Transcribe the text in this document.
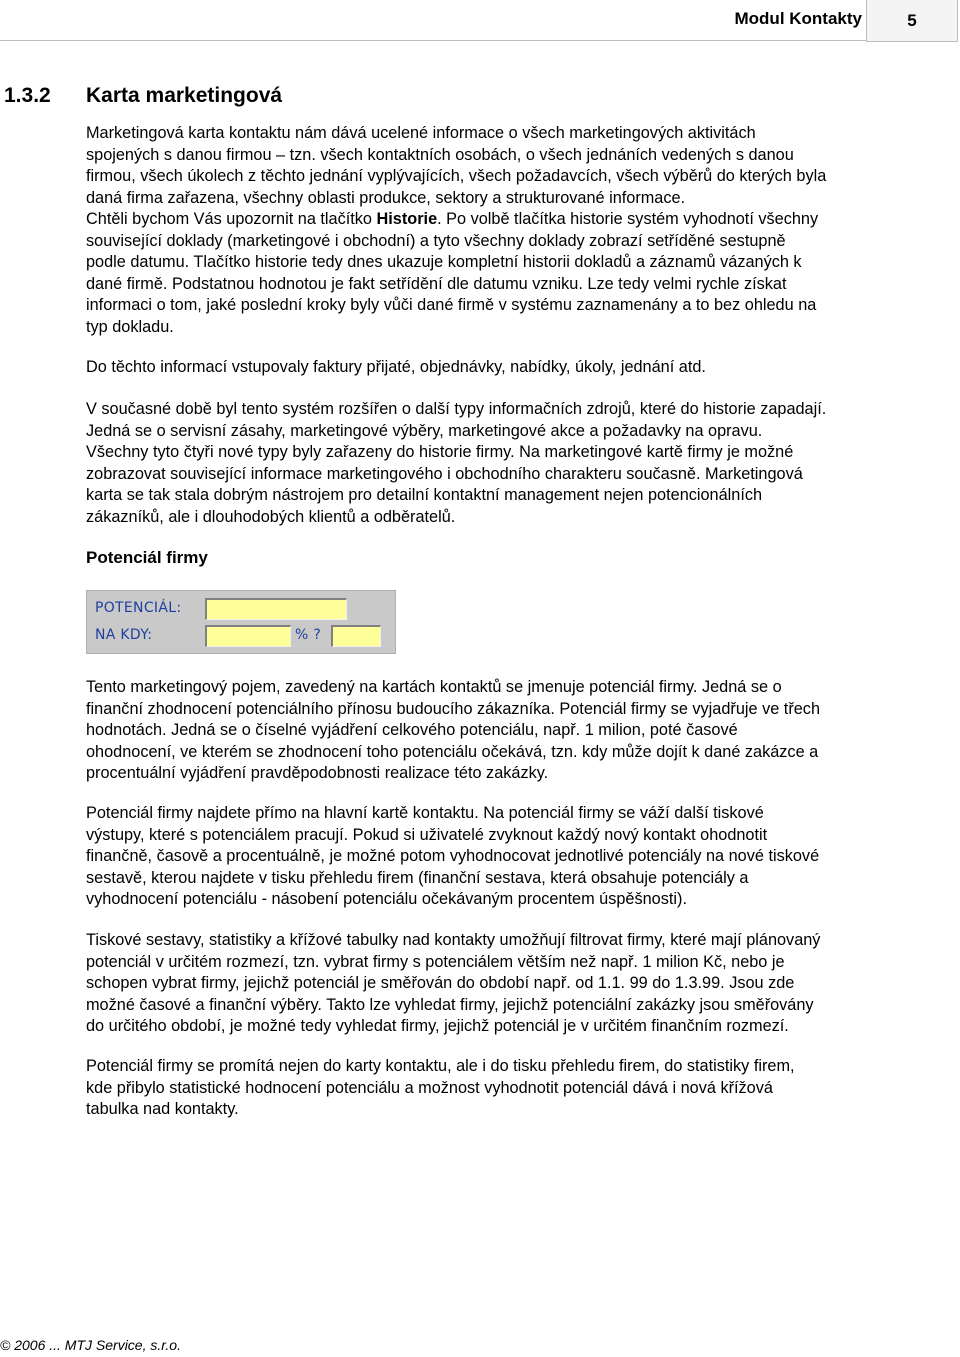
Modul Kontakty	5
1.3.2 Karta marketingová

Marketingová karta kontaktu nám dává ucelené informace o všech marketingových aktivitách
spojených s danou firmou – tzn. všech kontaktních osobách, o všech jednáních vedených s danou
firmou, všech úkolech z těchto jednání vyplývajících, všech požadavcích, všech výběrů do kterých byla
daná firma zařazena, všechny oblasti produkce, sektory a strukturované informace.

Chtěli bychom Vás upozornit na tlačítko Historie. Po volbě tlačítka historie systém vyhodnotí všechny
související doklady (marketingové i obchodní) a tyto všechny doklady zobrazí setříděné sestupně
podle datumu. Tlačítko historie tedy dnes ukazuje kompletní historii dokladů a záznamů vázaných k
dané firmě. Podstatnou hodnotou je fakt setřídění dle datumu vzniku. Lze tedy velmi rychle získat
informaci o tom, jaké poslední kroky byly vůči dané firmě v systému zaznamenány a to bez ohledu na
typ dokladu.

Do těchto informací vstupovaly faktury přijaté, objednávky, nabídky, úkoly, jednání atd.

V současné době byl tento systém rozšířen o další typy informačních zdrojů, které do historie zapadají.
Jedná se o servisní zásahy, marketingové výběry, marketingové akce a požadavky na opravu.
Všechny tyto čtyři nové typy byly zařazeny do historie firmy. Na marketingové kartě firmy je možné
zobrazovat související informace marketingového i obchodního charakteru současně. Marketingová
karta se tak stala dobrým nástrojem pro detailní kontaktní management nejen potencionálních
zákazníků, ale i dlouhodobých klientů a odběratelů.

Potenciál firmy
POTENCIÁL:
NA KDY:	% ?

Tento marketingový pojem, zavedený na kartách kontaktů se jmenuje potenciál firmy. Jedná se o
finanční zhodnocení potenciálního přínosu budoucího zákazníka. Potenciál firmy se vyjadřuje ve třech
hodnotách. Jedná se o číselné vyjádření celkového potenciálu, např. 1 milion, poté časové
ohodnocení, ve kterém se zhodnocení toho potenciálu očekává, tzn. kdy může dojít k dané zakázce a
procentuální vyjádření pravděpodobnosti realizace této zakázky.

Potenciál firmy najdete přímo na hlavní kartě kontaktu. Na potenciál firmy se váží další tiskové
výstupy, které s potenciálem pracují. Pokud si uživatelé zvyknout každý nový kontakt ohodnotit
finančně, časově a procentuálně, je možné potom vyhodnocovat jednotlivé potenciály na nové tiskové
sestavě, kterou najdete v tisku přehledu firem (finanční sestava, která obsahuje potenciály a
vyhodnocení potenciálu - násobení potenciálu očekávaným procentem úspěšnosti).

Tiskové sestavy, statistiky a křížové tabulky nad kontakty umožňují filtrovat firmy, které mají plánovaný
potenciál v určitém rozmezí, tzn. vybrat firmy s potenciálem větším než např. 1 milion Kč, nebo je
schopen vybrat firmy, jejichž potenciál je směřován do období např. od 1.1. 99 do 1.3.99. Jsou zde
možné časové a finanční výběry. Takto lze vyhledat firmy, jejichž potenciální zakázky jsou směřovány
do určitého období, je možné tedy vyhledat firmy, jejichž potenciál je v určitém finančním rozmezí.

Potenciál firmy se promítá nejen do karty kontaktu, ale i do tisku přehledu firem, do statistiky firem,
kde přibylo statistické hodnocení potenciálu a možnost vyhodnotit potenciál dává i nová křížová
tabulka nad kontakty.

© 2006 ... MTJ Service, s.r.o.
